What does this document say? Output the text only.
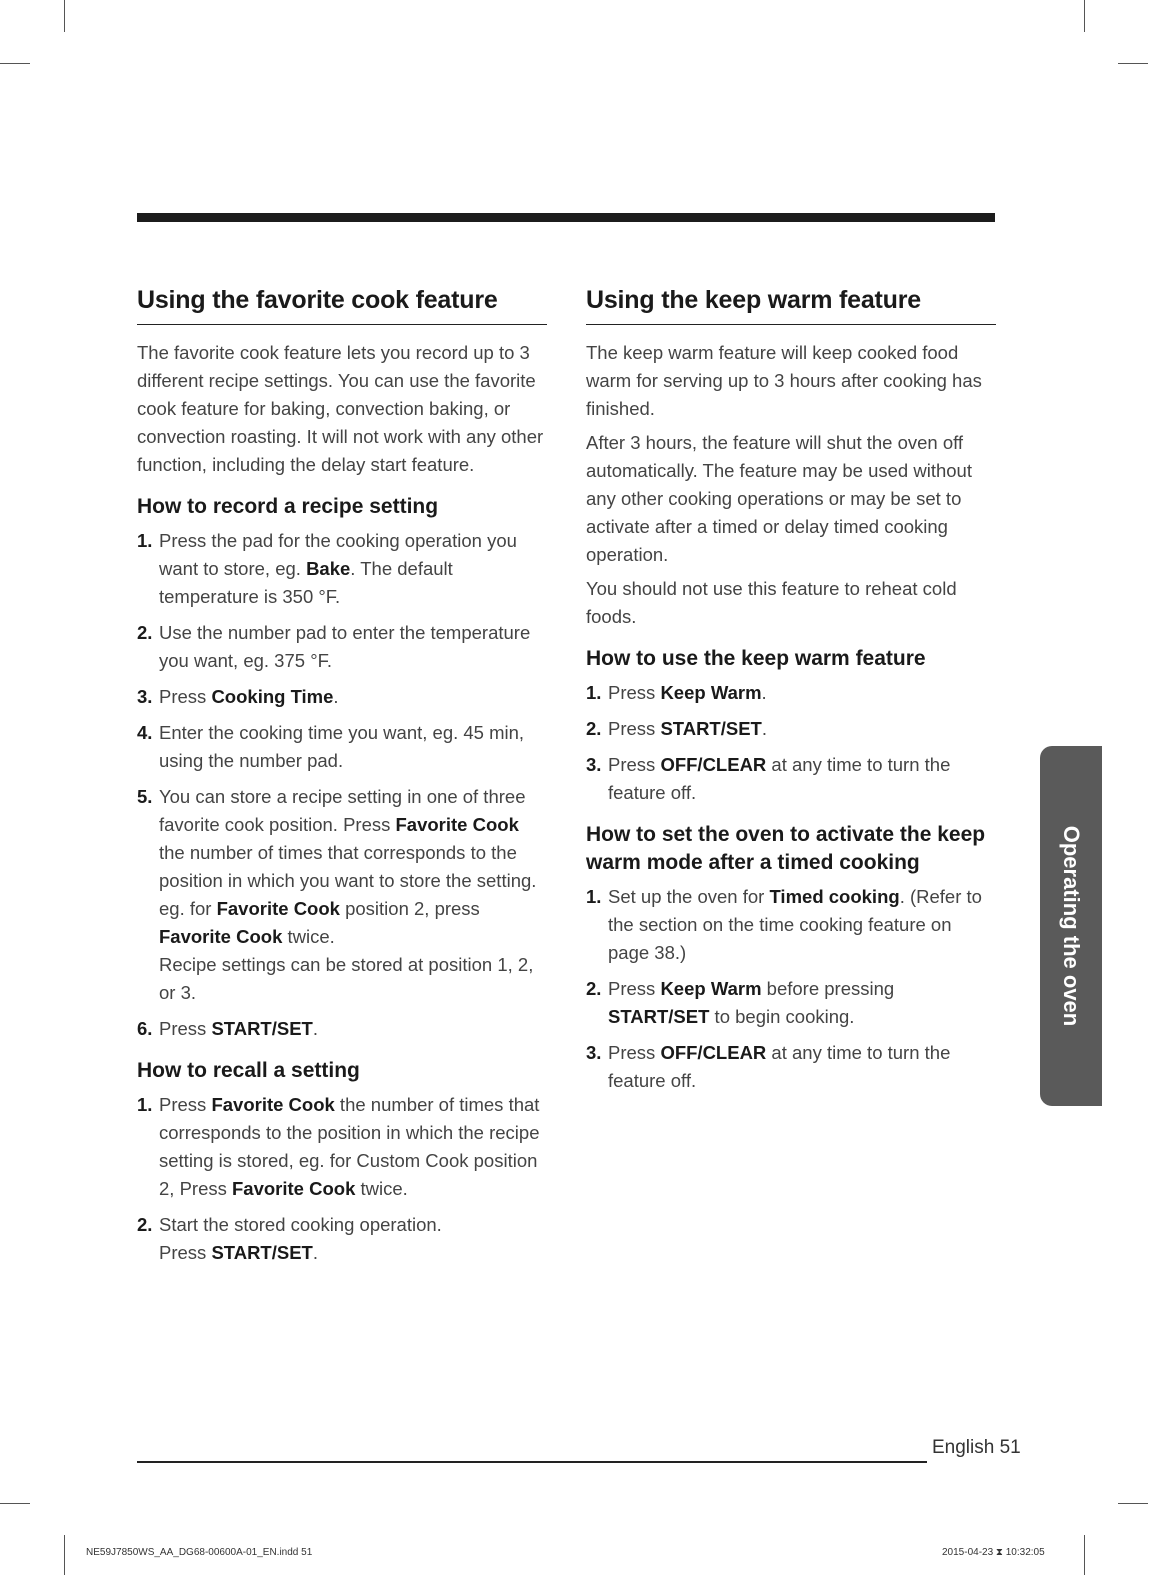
Using the favorite cook feature

The favorite cook feature lets you record up to 3 different recipe settings. You can use the favorite cook feature for baking, convection baking, or convection roasting. It will not work with any other function, including the delay start feature.

How to record a recipe setting
1. Press the pad for the cooking operation you want to store, eg. Bake. The default temperature is 350 °F.
2. Use the number pad to enter the temperature you want, eg. 375 °F.
3. Press Cooking Time.
4. Enter the cooking time you want, eg. 45 min, using the number pad.
5. You can store a recipe setting in one of three favorite cook position. Press Favorite Cook the number of times that corresponds to the position in which you want to store the setting.
eg. for Favorite Cook position 2, press Favorite Cook twice.
Recipe settings can be stored at position 1, 2, or 3.
6. Press START/SET.
How to recall a setting
1. Press Favorite Cook the number of times that corresponds to the position in which the recipe setting is stored, eg. for Custom Cook position 2, Press Favorite Cook twice.
2. Start the stored cooking operation.
Press START/SET.
Using the keep warm feature

The keep warm feature will keep cooked food warm for serving up to 3 hours after cooking has finished.

After 3 hours, the feature will shut the oven off automatically. The feature may be used without any other cooking operations or may be set to activate after a timed or delay timed cooking operation.

You should not use this feature to reheat cold foods.

How to use the keep warm feature
1. Press Keep Warm.
2. Press START/SET.
3. Press OFF/CLEAR at any time to turn the feature off.
How to set the oven to activate the keep warm mode after a timed cooking
1. Set up the oven for Timed cooking. (Refer to the section on the time cooking feature on page 38.)
2. Press Keep Warm before pressing START/SET to begin cooking.
3. Press OFF/CLEAR at any time to turn the feature off.
Operating the oven
English 51
NE59J7850WS_AA_DG68-00600A-01_EN.indd 51	2015-04-23 ⧗ 10:32:05
